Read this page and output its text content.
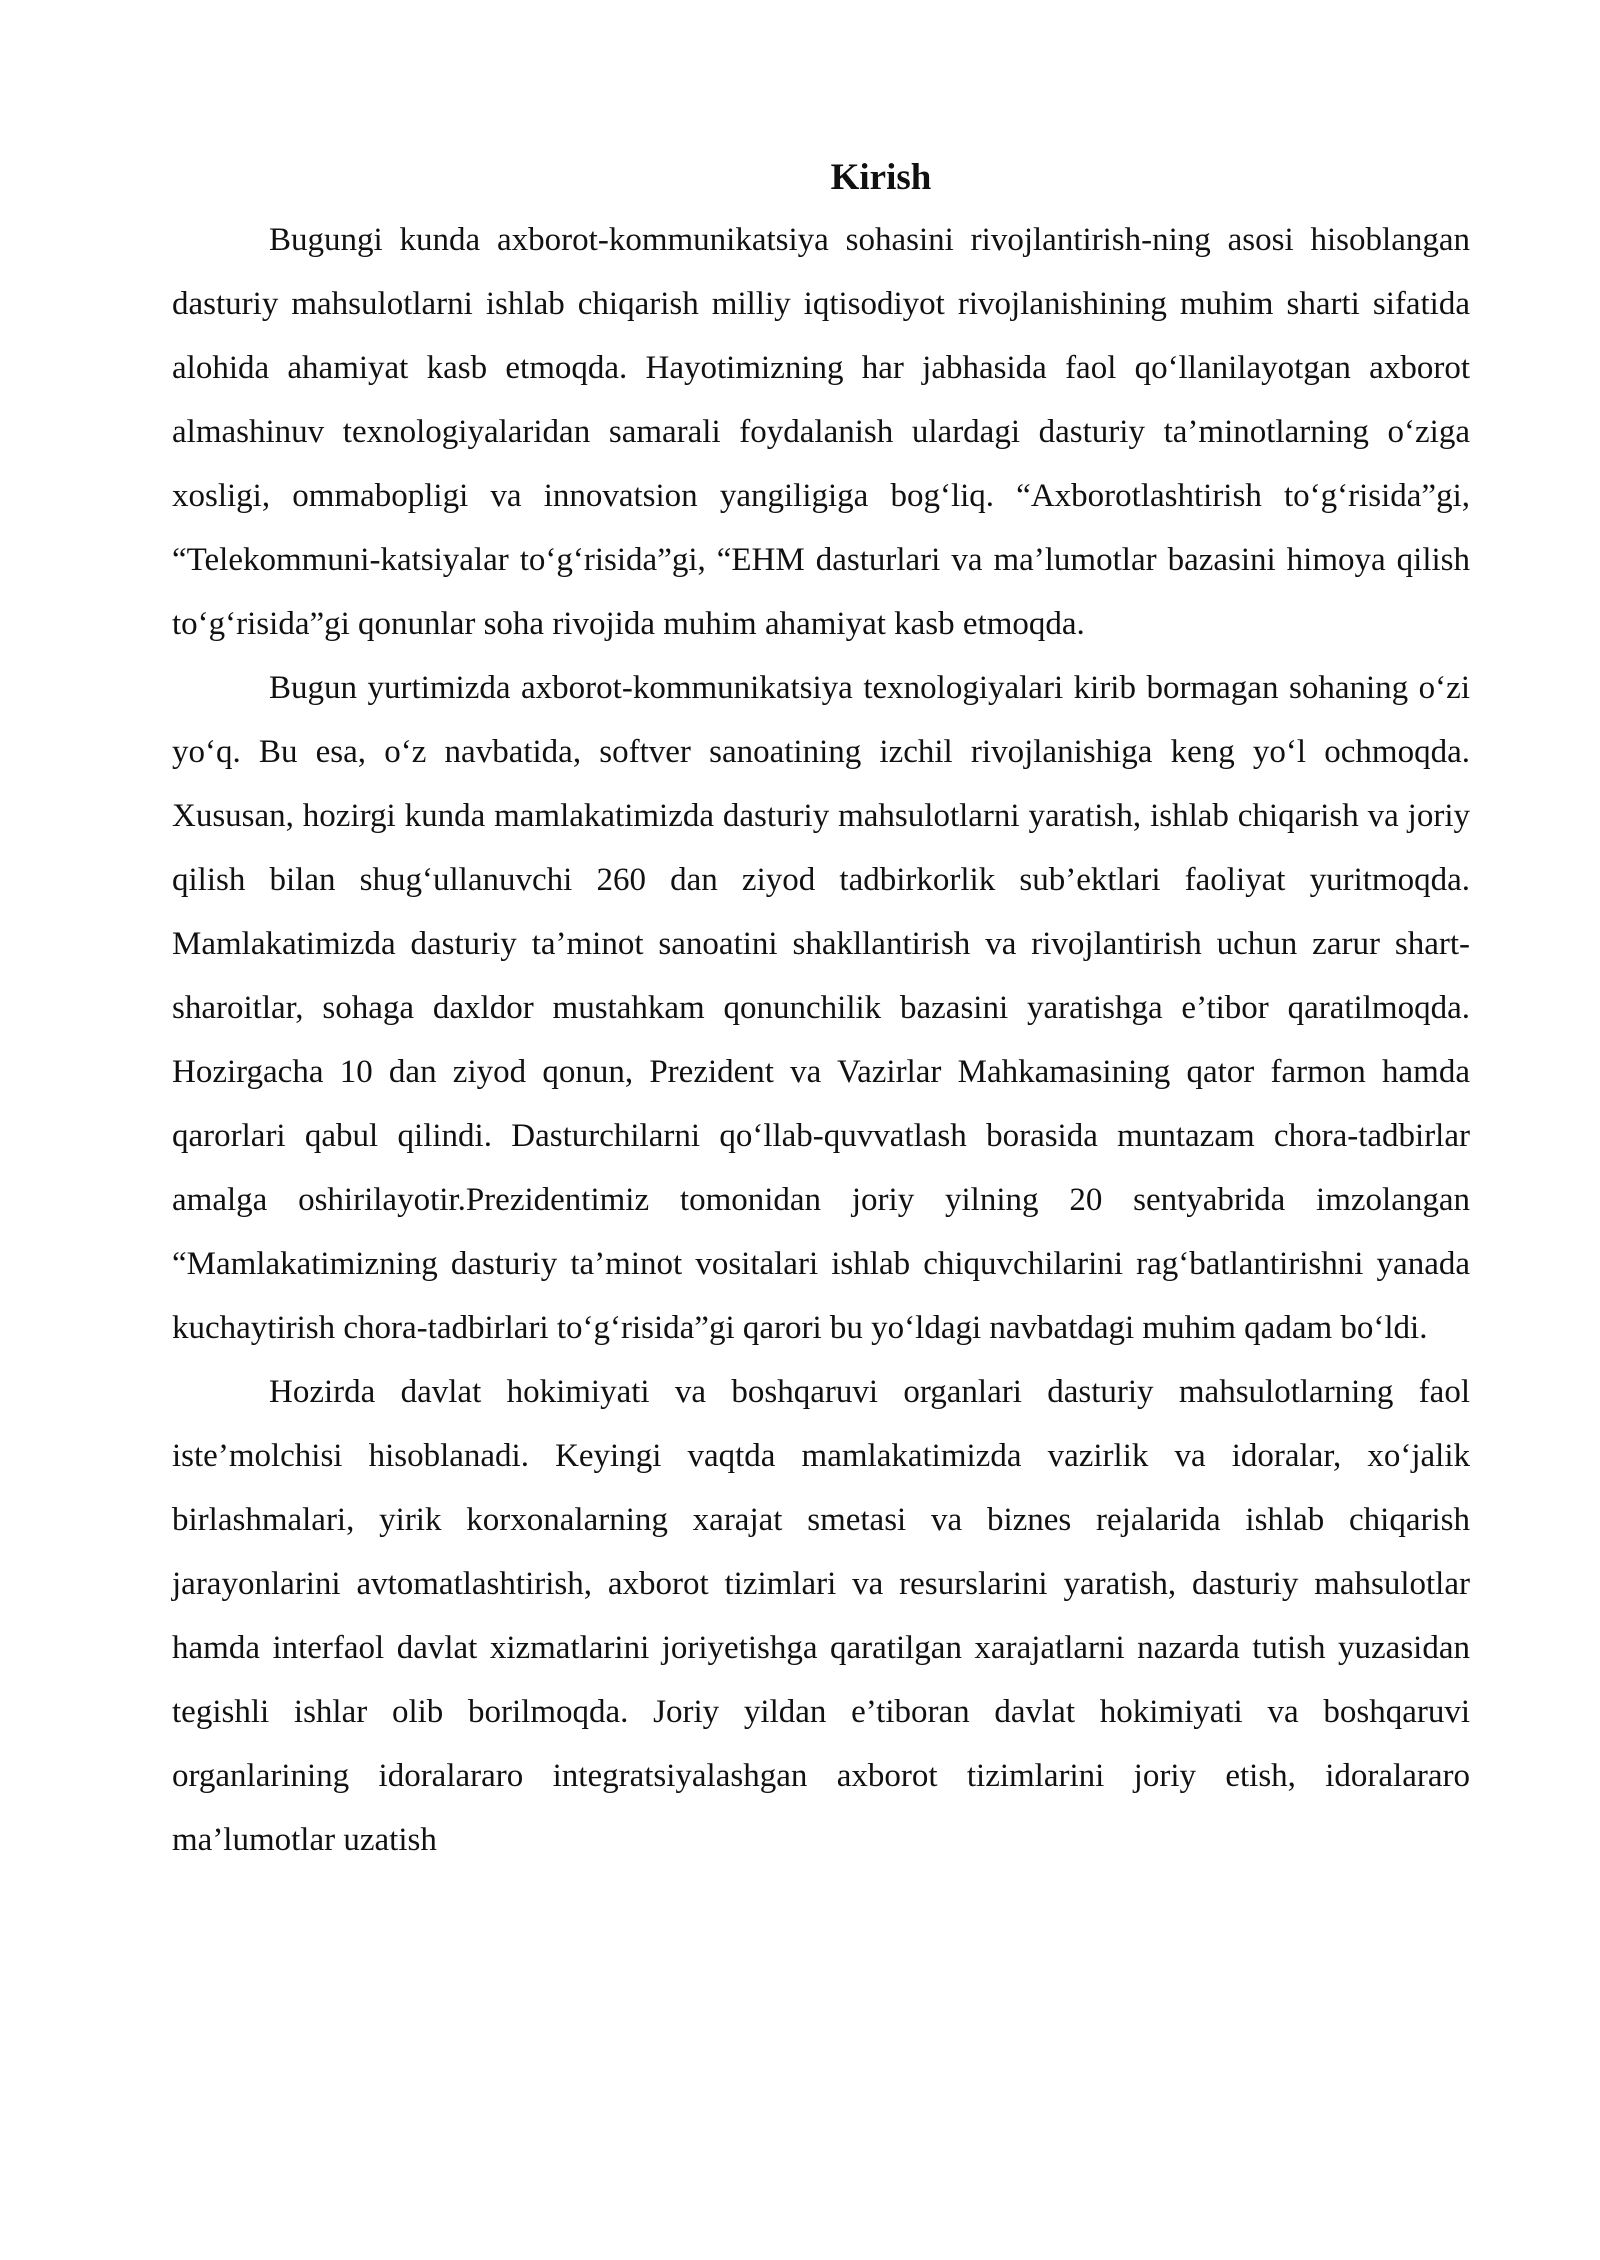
Kirish

Bugungi kunda axborot-kommunikatsiya sohasini rivojlantirish-ning asosi hisoblangan dasturiy mahsulotlarni ishlab chiqarish milliy iqtisodiyot rivojlanishining muhim sharti sifatida alohida ahamiyat kasb etmoqda. Hayotimizning har jabhasida faol qo‘llanilayotgan axborot almashinuv texnologiyalaridan samarali foydalanish ulardagi dasturiy ta’minotlarning o‘ziga xosligi, ommabopligi va innovatsion yangiligiga bog‘liq. “Axborotlashtirish to‘g‘risida”gi, “Telekommuni-katsiyalar to‘g‘risida”gi, “EHM dasturlari va ma’lumotlar bazasini himoya qilish to‘g‘risida”gi qonunlar soha rivojida muhim ahamiyat kasb etmoqda.

Bugun yurtimizda axborot-kommunikatsiya texnologiyalari kirib bormagan sohaning o‘zi yo‘q. Bu esa, o‘z navbatida, softver sanoatining izchil rivojlanishiga keng yo‘l ochmoqda. Xususan, hozirgi kunda mamlakatimizda dasturiy mahsulotlarni yaratish, ishlab chiqarish va joriy qilish bilan shug‘ullanuvchi 260 dan ziyod tadbirkorlik sub’ektlari faoliyat yuritmoqda. Mamlakatimizda dasturiy ta’minot sanoatini shakllantirish va rivojlantirish uchun zarur shart-sharoitlar, sohaga daxldor mustahkam qonunchilik bazasini yaratishga e’tibor qaratilmoqda. Hozirgacha 10 dan ziyod qonun, Prezident va Vazirlar Mahkamasining qator farmon hamda qarorlari qabul qilindi. Dasturchilarni qo‘llab-quvvatlash borasida muntazam chora-tadbirlar amalga oshirilayotir.Prezidentimiz tomonidan joriy yilning 20 sentyabrida imzolangan “Mamlakatimizning dasturiy ta’minot vositalari ishlab chiquvchilarini rag‘batlantirishni yanada kuchaytirish chora-tadbirlari to‘g‘risida”gi qarori bu yo‘ldagi navbatdagi muhim qadam bo‘ldi.

Hozirda davlat hokimiyati va boshqaruvi organlari dasturiy mahsulotlarning faol iste’molchisi hisoblanadi. Keyingi vaqtda mamlakatimizda vazirlik va idoralar, xo‘jalik birlashmalari, yirik korxonalarning xarajat smetasi va biznes rejalarida ishlab chiqarish jarayonlarini avtomatlashtirish, axborot tizimlari va resurslarini yaratish, dasturiy mahsulotlar hamda interfaol davlat xizmatlarini joriyetishga qaratilgan xarajatlarni nazarda tutish yuzasidan tegishli ishlar olib borilmoqda. Joriy yildan e’tiboran davlat hokimiyati va boshqaruvi organlarining idoralararo integratsiyalashgan axborot tizimlarini joriy etish, idoralararo ma’lumotlar uzatish
